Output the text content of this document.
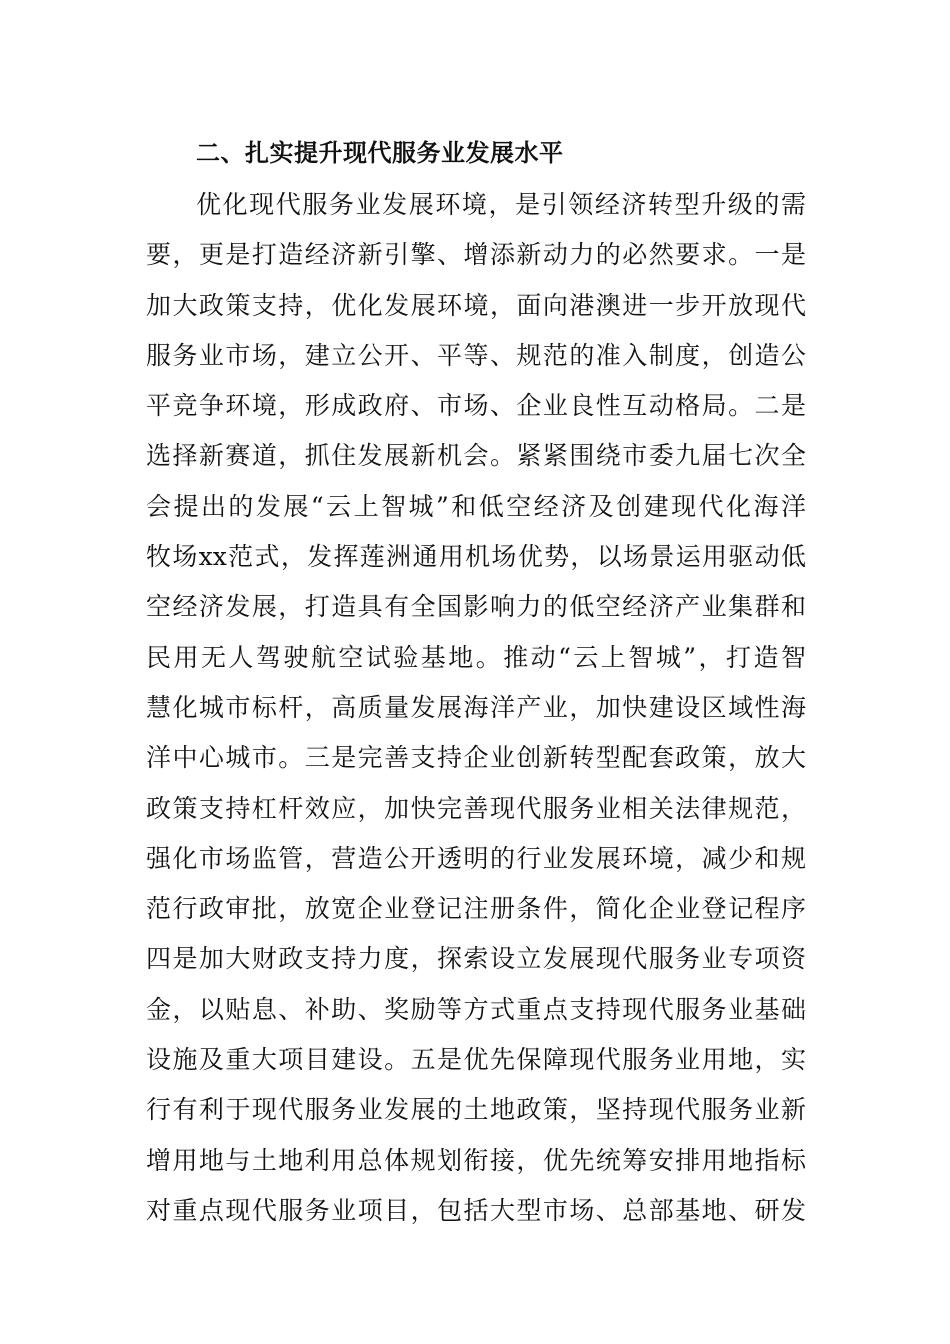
二、扎实提升现代服务业发展水平
优化现代服务业发展环境，是引领经济转型升级的需
要，更是打造经济新引擎、增添新动力的必然要求。一是
加大政策支持，优化发展环境，面向港澳进一步开放现代
服务业市场，建立公开、平等、规范的准入制度，创造公
平竞争环境，形成政府、市场、企业良性互动格局。二是
选择新赛道，抓住发展新机会。紧紧围绕市委九届七次全
会提出的发展“云上智城”和低空经济及创建现代化海洋
牧场xx范式，发挥莲洲通用机场优势，以场景运用驱动低
空经济发展，打造具有全国影响力的低空经济产业集群和
民用无人驾驶航空试验基地。推动“云上智城”，打造智
慧化城市标杆，高质量发展海洋产业，加快建设区域性海
洋中心城市。三是完善支持企业创新转型配套政策，放大
政策支持杠杆效应，加快完善现代服务业相关法律规范，
强化市场监管，营造公开透明的行业发展环境，减少和规
范行政审批，放宽企业登记注册条件，简化企业登记程序
四是加大财政支持力度，探索设立发展现代服务业专项资
金，以贴息、补助、奖励等方式重点支持现代服务业基础
设施及重大项目建设。五是优先保障现代服务业用地，实
行有利于现代服务业发展的土地政策，坚持现代服务业新
增用地与土地利用总体规划衔接，优先统筹安排用地指标
对重点现代服务业项目，包括大型市场、总部基地、研发
